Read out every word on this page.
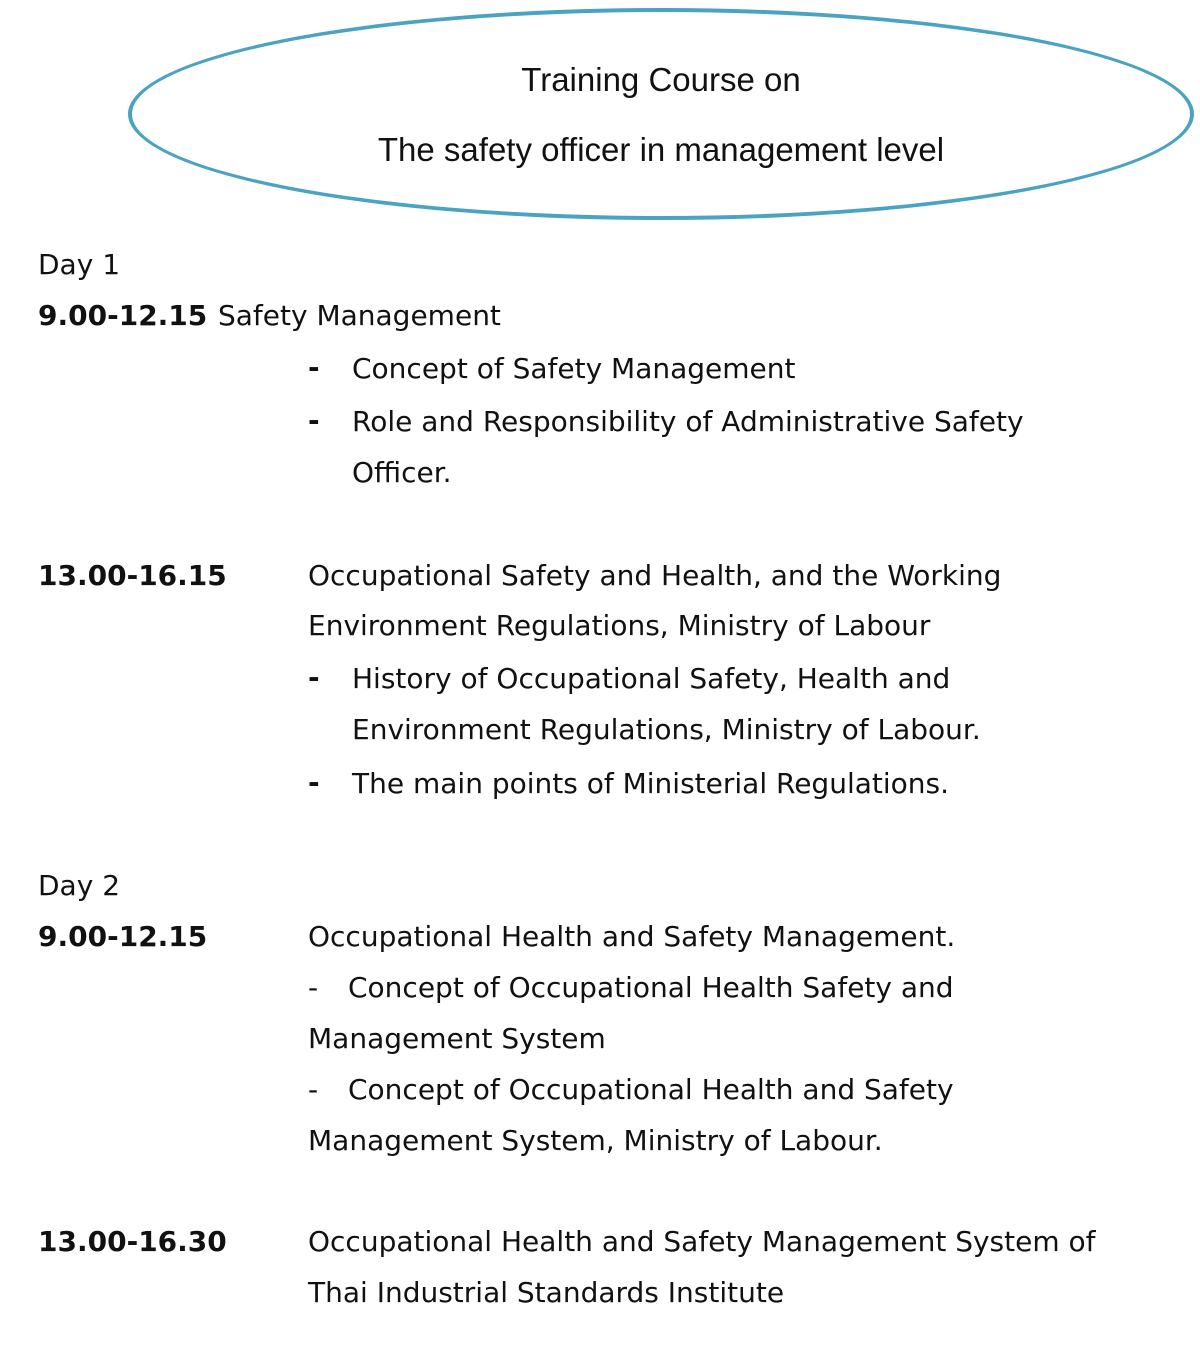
Training Course on
The safety officer in management level
Day 1
9.00-12.15 Safety Management
- Concept of Safety Management
- Role and Responsibility of Administrative Safety
Officer.
13.00-16.15	Occupational Safety and Health, and the Working
Environment Regulations, Ministry of Labour
- History of Occupational Safety, Health and
Environment Regulations, Ministry of Labour.
- The main points of Ministerial Regulations.
Day 2
9.00-12.15	Occupational Health and Safety Management.
- Concept of Occupational Health Safety and
Management System
- Concept of Occupational Health and Safety
Management System, Ministry of Labour.
13.00-16.30	Occupational Health and Safety Management System of
Thai Industrial Standards Institute
